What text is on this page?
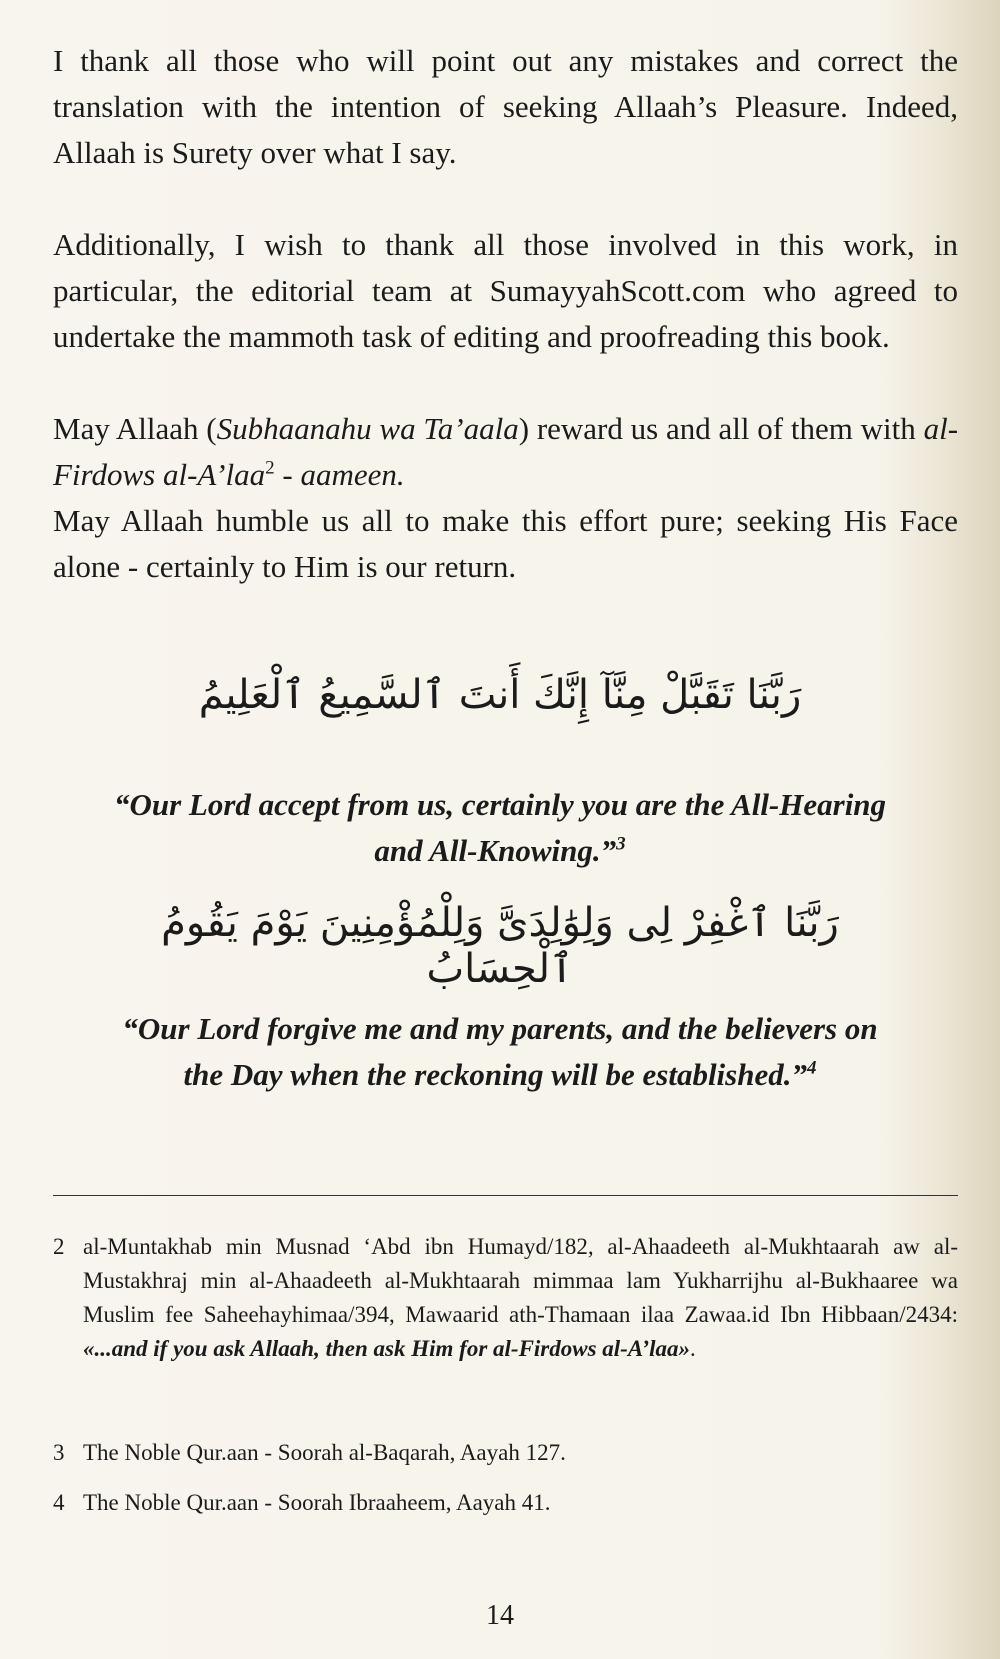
I thank all those who will point out any mistakes and correct the translation with the intention of seeking Allaah’s Pleasure. Indeed, Allaah is Surety over what I say.

Additionally, I wish to thank all those involved in this work, in particular, the editorial team at SumayyahScott.com who agreed to undertake the mammoth task of editing and proofreading this book.

May Allaah (Subhaanahu wa Ta’aala) reward us and all of them with al-Firdows al-A’laa$^2$ - aameen.

May Allaah humble us all to make this effort pure; seeking His Face alone - certainly to Him is our return.

رَبَّنَا تَقَبَّلْ مِنَّآ إِنَّكَ أَنتَ ٱلسَّمِيعُ ٱلْعَلِيمُ
“Our Lord accept from us, certainly you are the All-Hearing and All-Knowing.”$^3$
رَبَّنَا ٱغْفِرْ لِى وَلِوَٰلِدَىَّ وَلِلْمُؤْمِنِينَ يَوْمَ يَقُومُ ٱلْحِسَابُ
“Our Lord forgive me and my parents, and the believers on the Day when the reckoning will be established.”$^4$
2 al-Muntakhab min Musnad ‘Abd ibn Humayd/182, al-Ahaadeeth al-Mukhtaarah aw al-Mustakhraj min al-Ahaadeeth al-Mukhtaarah mimmaa lam Yukharrijhu al-Bukhaaree wa Muslim fee Saheehayhimaa/394, Mawaarid ath-Thamaan ilaa Zawaa.id Ibn Hibbaan/2434: «...and if you ask Allaah, then ask Him for al-Firdows al-A’laa».
3 The Noble Qur.aan - Soorah al-Baqarah, Aayah 127.
4 The Noble Qur.aan - Soorah Ibraaheem, Aayah 41.
14
